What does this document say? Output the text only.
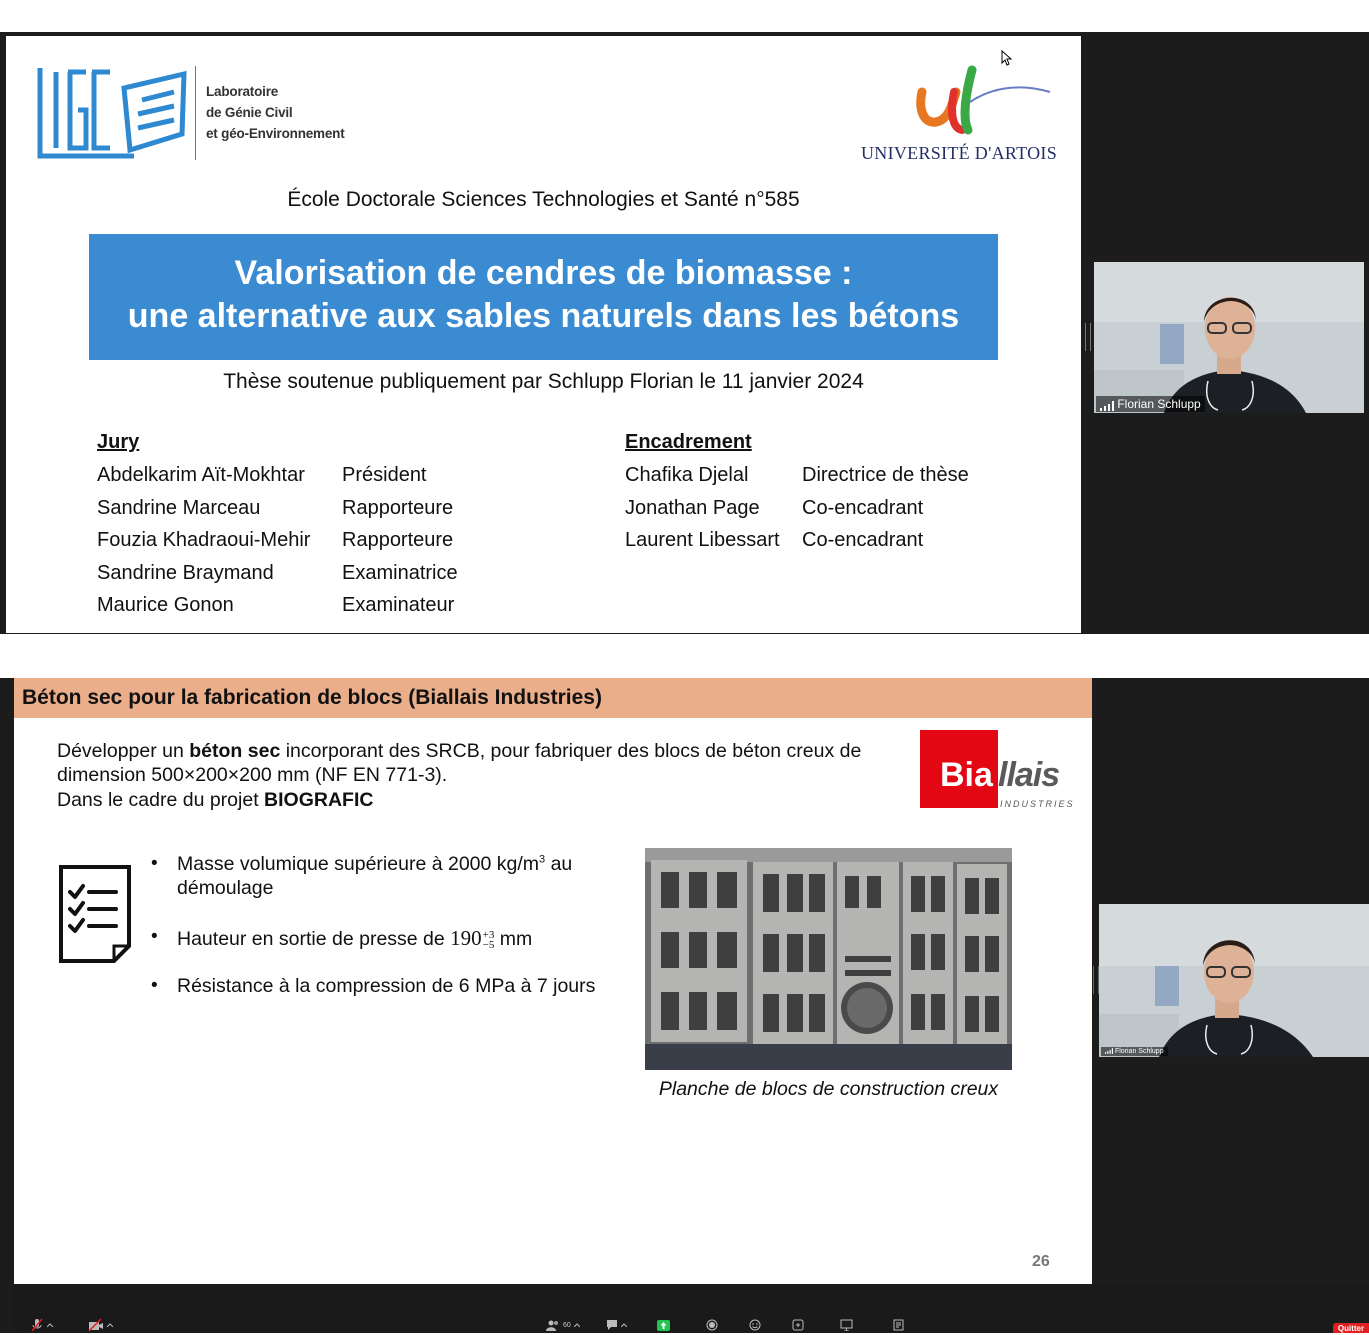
Laboratoire
de Génie Civil
et géo-Environnement
UNIVERSITÉ D'ARTOIS
École Doctorale Sciences Technologies et Santé n°585
Valorisation de cendres de biomasse :
une alternative aux sables naturels dans les bétons
Thèse soutenue publiquement par Schlupp Florian le 11 janvier 2024
Jury
Abdelkarim Aït-Mokhtar Président
Sandrine Marceau	Rapporteure
Fouzia Khadraoui-Mehir Rapporteure
Sandrine Braymand	Examinatrice
Maurice Gonon	Examinateur
Encadrement
Chafika Djelal	Directrice de thèse
Jonathan Page Co-encadrant
Laurent Libessart Co-encadrant
Florian Schlupp
Béton sec pour la fabrication de blocs (Biallais Industries)
Développer un béton sec incorporant des SRCB, pour fabriquer des blocs de béton creux de
dimension 500×200×200 mm (NF EN 771-3).
Dans le cadre du projet BIOGRAFIC
Bia llais
INDUSTRIES
• Masse volumique supérieure à 2000 $kg/m^3$ au
démoulage
• Hauteur en sortie de presse de 190 +3
−5 mm
• Résistance à la compression de 6 MPa à 7 jours
Planche de blocs de construction creux
26
Florian Schlupp
60	Quitter
